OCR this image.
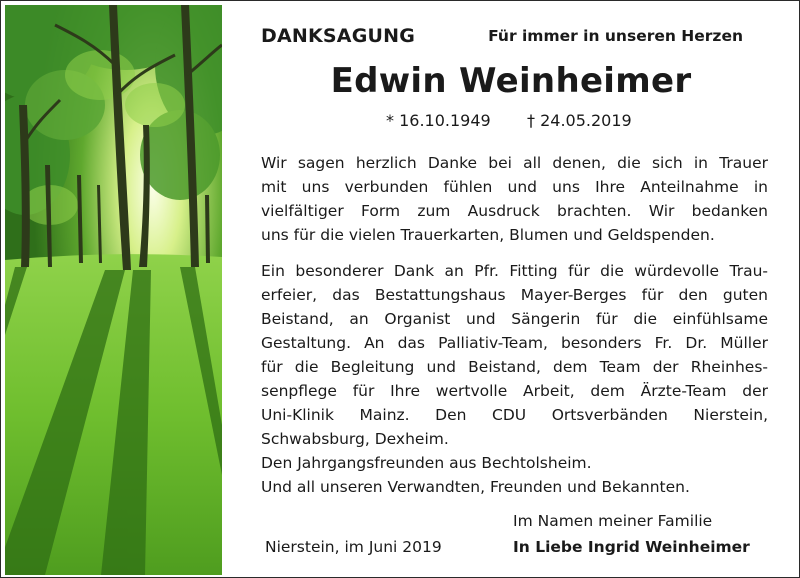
DANKSAGUNG	Für immer in unseren Herzen
Edwin Weinheimer
* 16.10.1949 † 24.05.2019
Wir sagen herzlich Danke bei all denen, die sich in Trauer
mit uns verbunden fühlen und uns Ihre Anteilnahme in
vielfältiger Form zum Ausdruck brachten. Wir bedanken
uns für die vielen Trauerkarten, Blumen und Geldspenden.
Ein besonderer Dank an Pfr. Fitting für die würdevolle Trau-
erfeier, das Bestattungshaus Mayer-Berges für den guten
Beistand, an Organist und Sängerin für die einfühlsame
Gestaltung. An das Palliativ-Team, besonders Fr. Dr. Müller
für die Begleitung und Beistand, dem Team der Rheinhes-
senpflege für Ihre wertvolle Arbeit, dem Ärzte-Team der
Uni-Klinik Mainz. Den CDU Ortsverbänden Nierstein,
Schwabsburg, Dexheim.
Den Jahrgangsfreunden aus Bechtolsheim.
Und all unseren Verwandten, Freunden und Bekannten.
Nierstein, im Juni 2019
Im Namen meiner Familie
In Liebe Ingrid Weinheimer
